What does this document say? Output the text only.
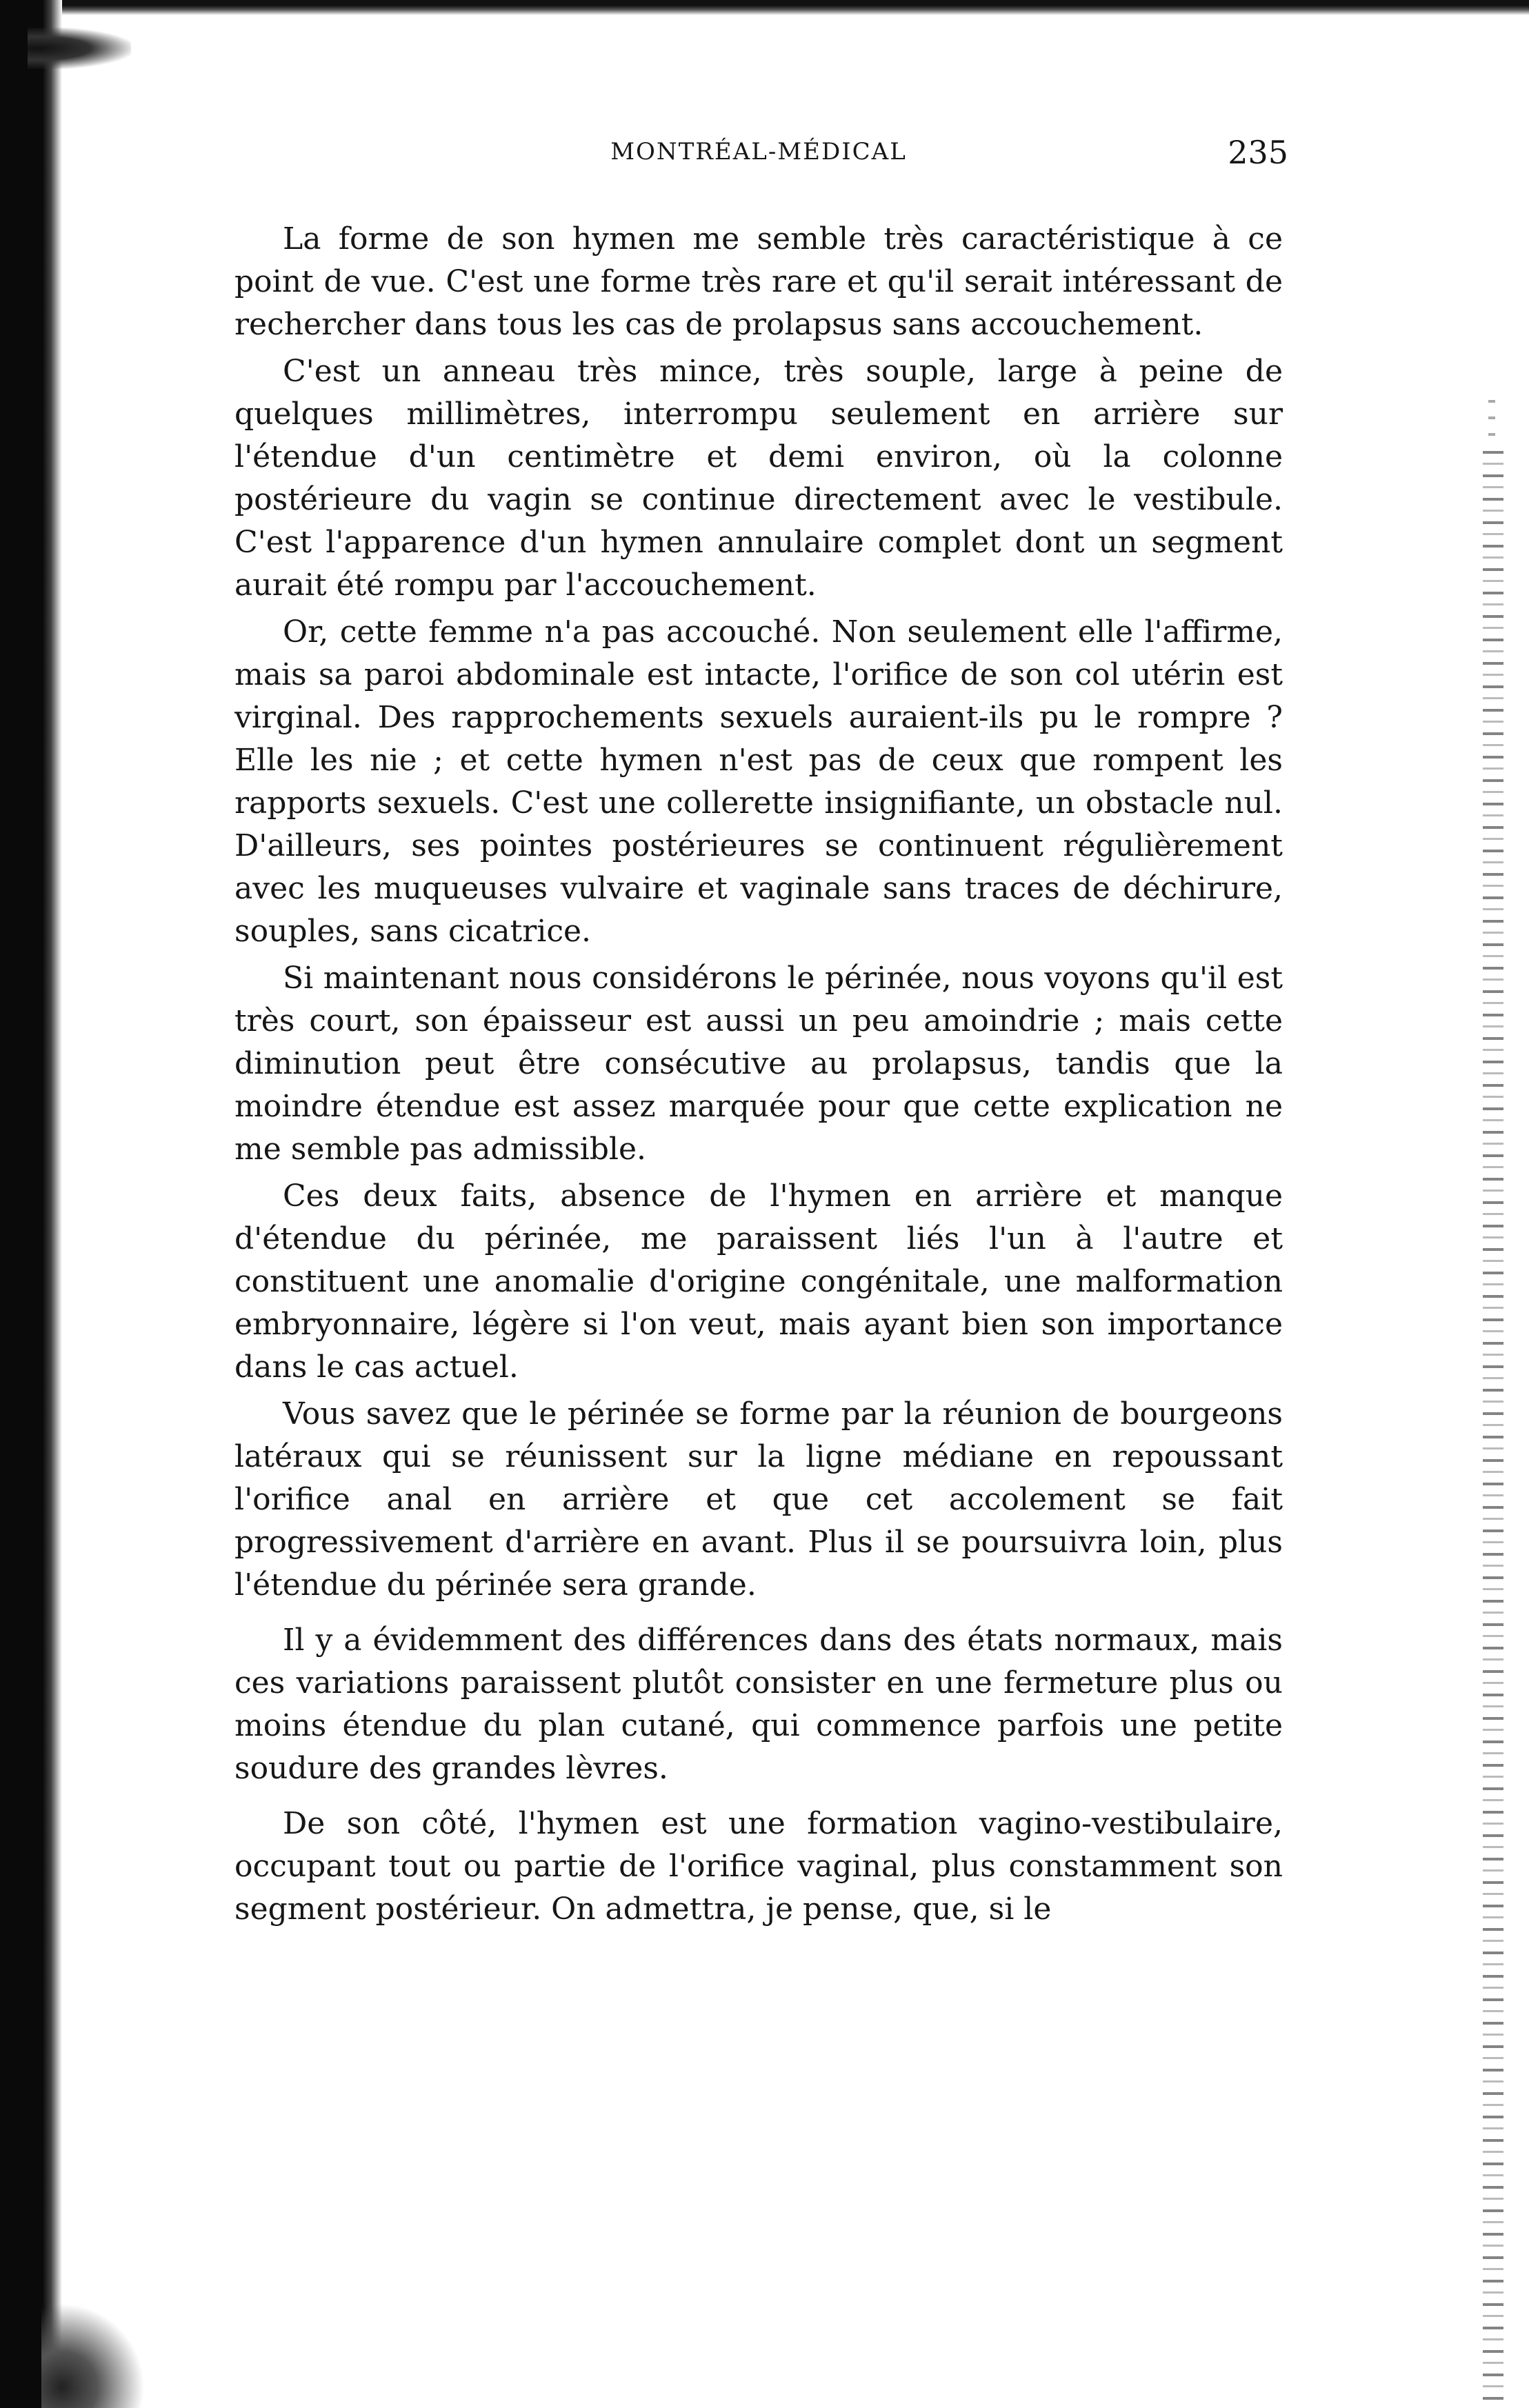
MONTRÉAL-MÉDICAL	235

La forme de son hymen me semble très caractéristique à ce point de vue. C'est une forme très rare et qu'il serait intéressant de rechercher dans tous les cas de prolapsus sans accouchement.

C'est un anneau très mince, très souple, large à peine de quelques millimètres, interrompu seulement en arrière sur l'étendue d'un centimètre et demi environ, où la colonne postérieure du vagin se continue directement avec le vestibule. C'est l'apparence d'un hymen annulaire complet dont un segment aurait été rompu par l'accouchement.

Or, cette femme n'a pas accouché. Non seulement elle l'affirme, mais sa paroi abdominale est intacte, l'orifice de son col utérin est virginal. Des rapprochements sexuels auraient-ils pu le rompre ? Elle les nie ; et cette hymen n'est pas de ceux que rompent les rapports sexuels. C'est une collerette insignifiante, un obstacle nul. D'ailleurs, ses pointes postérieures se continuent régulièrement avec les muqueuses vulvaire et vaginale sans traces de déchirure, souples, sans cicatrice.

Si maintenant nous considérons le périnée, nous voyons qu'il est très court, son épaisseur est aussi un peu amoindrie ; mais cette diminution peut être consécutive au prolapsus, tandis que la moindre étendue est assez marquée pour que cette explication ne me semble pas admissible.

Ces deux faits, absence de l'hymen en arrière et manque d'étendue du périnée, me paraissent liés l'un à l'autre et constituent une anomalie d'origine congénitale, une malformation embryonnaire, légère si l'on veut, mais ayant bien son importance dans le cas actuel.

Vous savez que le périnée se forme par la réunion de bourgeons latéraux qui se réunissent sur la ligne médiane en repoussant l'orifice anal en arrière et que cet accolement se fait progressivement d'arrière en avant. Plus il se poursuivra loin, plus l'étendue du périnée sera grande.

Il y a évidemment des différences dans des états normaux, mais ces variations paraissent plutôt consister en une fermeture plus ou moins étendue du plan cutané, qui commence parfois une petite soudure des grandes lèvres.

De son côté, l'hymen est une formation vagino-vestibulaire, occupant tout ou partie de l'orifice vaginal, plus constamment son segment postérieur. On admettra, je pense, que, si le
